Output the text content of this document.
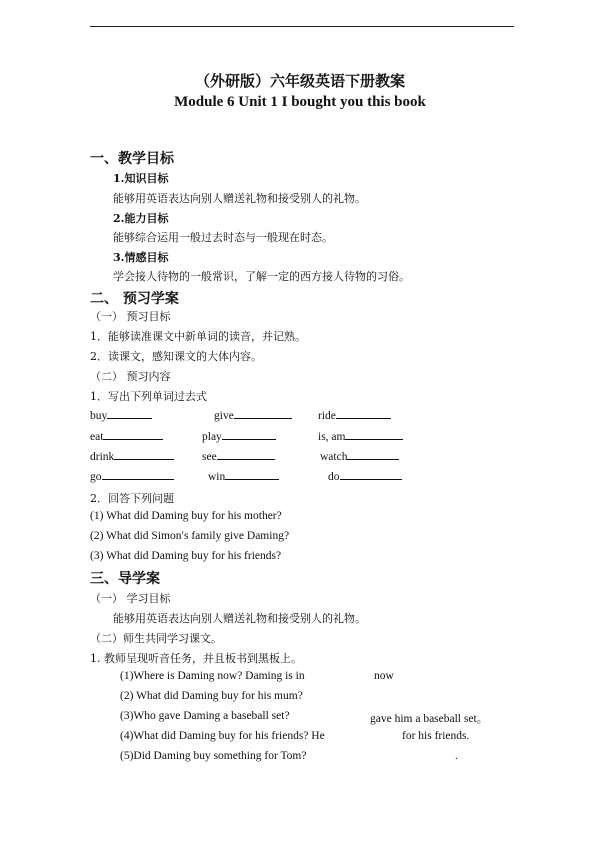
（外研版）六年级英语下册教案
Module 6 Unit 1 I bought you this book
一、教学目标
1.知识目标
能够用英语表达向别人赠送礼物和接受别人的礼物。
2.能力目标
能够综合运用一般过去时态与一般现在时态。
3.情感目标
学会接人待物的一般常识，了解一定的西方接人待物的习俗。
二、 预习学案
（一） 预习目标
1．能够读准课文中新单词的读音，并记熟。
2．读课文，感知课文的大体内容。
（二） 预习内容
1．写出下列单词过去式
buy	give	ride
eat	play	is, am
drink	see	watch
go	win	do
2．回答下列问题
(1) What did Daming buy for his mother?
(2) What did Simon′s family give Daming?
(3) What did Daming buy for his friends?
三、导学案
（一） 学习目标
能够用英语表达向别人赠送礼物和接受别人的礼物。
（二）师生共同学习课文。
1. 教师呈现听音任务，并且板书到黑板上。
(1)Where is Daming now? Daming is in	now
(2) What did Daming buy for his mum?
(3)Who gave Daming a baseball set?	gave him a baseball set。
(4)What did Daming buy for his friends? He	for his friends.
(5)Did Daming buy something for Tom?	.
